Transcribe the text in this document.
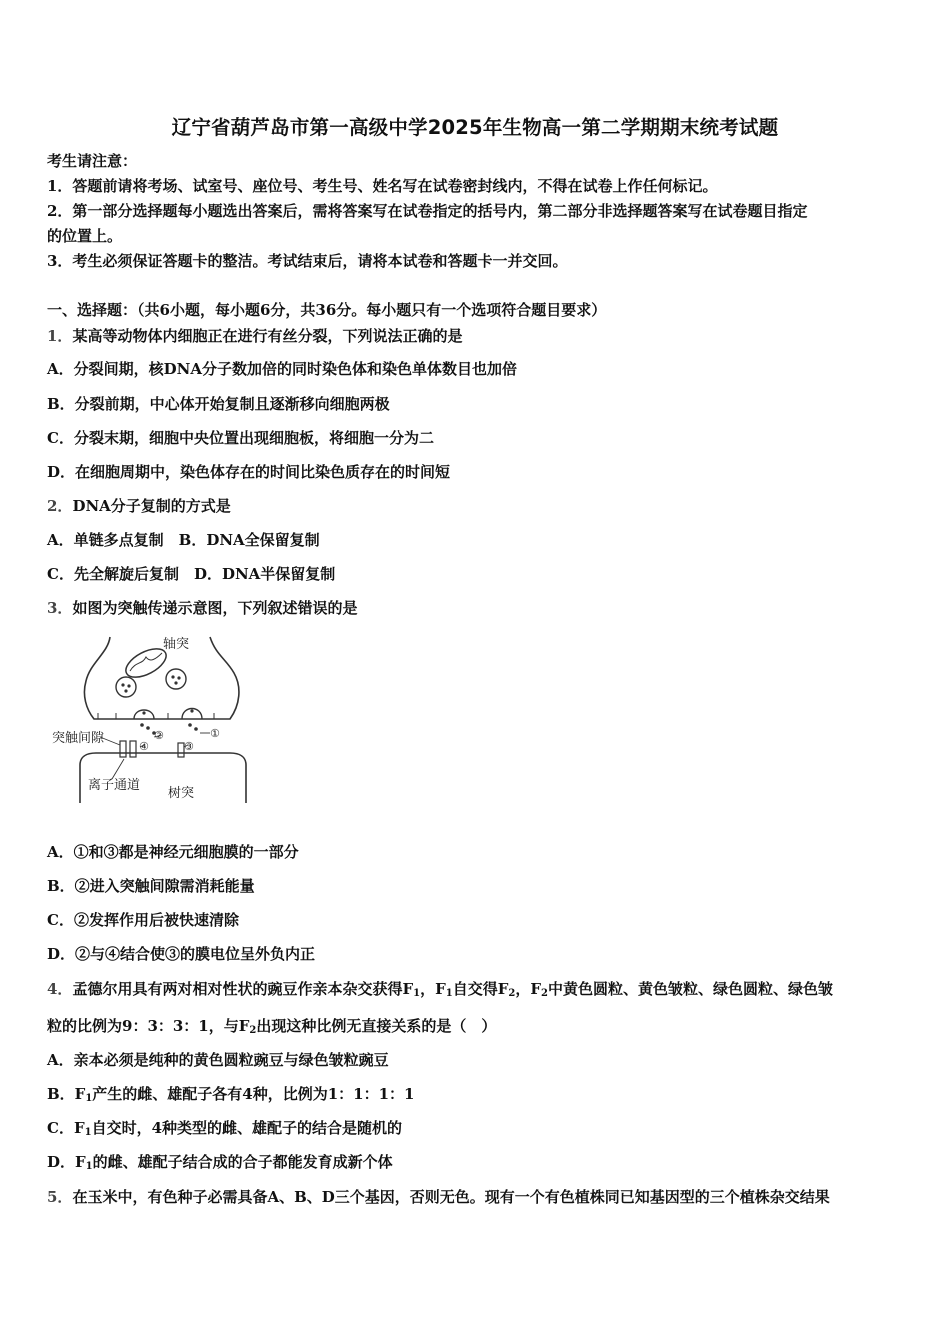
辽宁省葫芦岛市第一高级中学2025年生物高一第二学期期末统考试题
考生请注意：
1．答题前请将考场、试室号、座位号、考生号、姓名写在试卷密封线内，不得在试卷上作任何标记。
2．第一部分选择题每小题选出答案后，需将答案写在试卷指定的括号内，第二部分非选择题答案写在试卷题目指定
的位置上。
3．考生必须保证答题卡的整洁。考试结束后，请将本试卷和答题卡一并交回。
一、选择题：（共6小题，每小题6分，共36分。每小题只有一个选项符合题目要求）
1．某高等动物体内细胞正在进行有丝分裂，下列说法正确的是
A．分裂间期，核DNA分子数加倍的同时染色体和染色单体数目也加倍
B．分裂前期，中心体开始复制且逐渐移向细胞两极
C．分裂末期，细胞中央位置出现细胞板，将细胞一分为二
D．在细胞周期中，染色体存在的时间比染色质存在的时间短
2．DNA分子复制的方式是
A．单链多点复制　B．DNA全保留复制
C．先全解旋后复制　D．DNA半保留复制
3．如图为突触传递示意图，下列叙述错误的是
轴突
突触间隙
离子通道
树突
②	①
④	③
A．①和③都是神经元细胞膜的一部分
B．②进入突触间隙需消耗能量
C．②发挥作用后被快速清除
D．②与④结合使③的膜电位呈外负内正
4．孟德尔用具有两对相对性状的豌豆作亲本杂交获得$F_1$，$F_1$自交得$F_2$，$F_2$中黄色圆粒、黄色皱粒、绿色圆粒、绿色皱
粒的比例为9：3：3：1，与$F_2$出现这种比例无直接关系的是（　）
A．亲本必须是纯种的黄色圆粒豌豆与绿色皱粒豌豆
B．$F_1$产生的雌、雄配子各有4种，比例为1：1：1：1
C．$F_1$自交时，4种类型的雌、雄配子的结合是随机的
D．$F_1$的雌、雄配子结合成的合子都能发育成新个体
5．在玉米中，有色种子必需具备A、B、D三个基因，否则无色。现有一个有色植株同已知基因型的三个植株杂交结果
